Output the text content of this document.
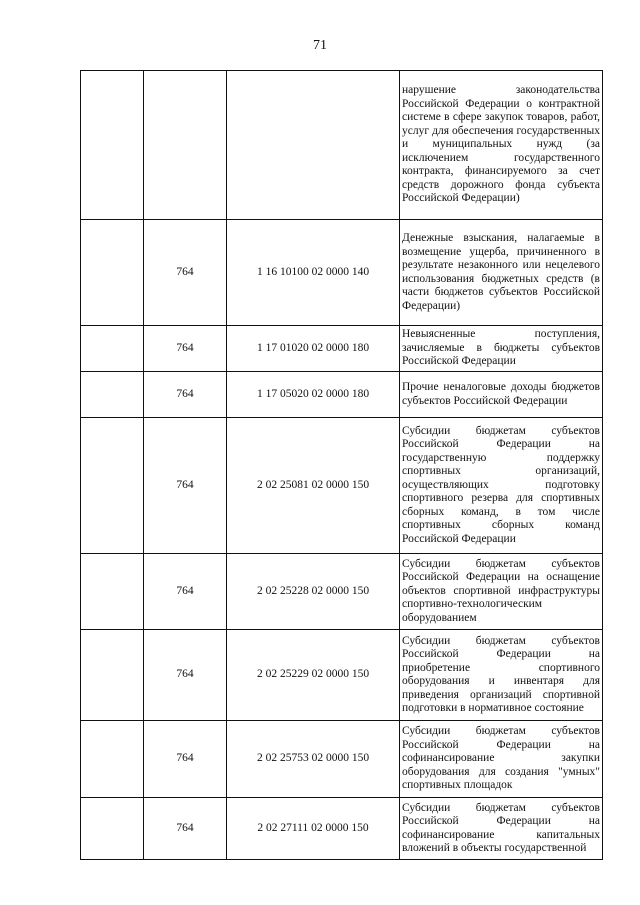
71
			нарушение законодательства Российской Федерации о контрактной системе в сфере закупок товаров, работ, услуг для обеспечения государственных и муниципальных нужд (за исключением государственного контракта, финансируемого за счет средств дорожного фонда субъекта Российской Федерации)
	764	1 16 10100 02 0000 140	Денежные взыскания, налагаемые в возмещение ущерба, причиненного в результате незаконного или нецелевого использования бюджетных средств (в части бюджетов субъектов Российской Федерации)
	764	1 17 01020 02 0000 180	Невыясненные поступления, зачисляемые в бюджеты субъектов Российской Федерации
	764	1 17 05020 02 0000 180	Прочие неналоговые доходы бюджетов субъектов Российской Федерации
	764	2 02 25081 02 0000 150	Субсидии бюджетам субъектов Российской Федерации на государственную поддержку спортивных организаций, осуществляющих подготовку спортивного резерва для спортивных сборных команд, в том числе спортивных сборных команд Российской Федерации
	764	2 02 25228 02 0000 150	Субсидии бюджетам субъектов Российской Федерации на оснащение объектов спортивной инфраструктуры спортивно-технологическим оборудованием
	764	2 02 25229 02 0000 150	Субсидии бюджетам субъектов Российской Федерации на приобретение спортивного оборудования и инвентаря для приведения организаций спортивной подготовки в нормативное состояние
	764	2 02 25753 02 0000 150	Субсидии бюджетам субъектов Российской Федерации на софинансирование закупки оборудования для создания "умных" спортивных площадок
	764	2 02 27111 02 0000 150	Субсидии бюджетам субъектов Российской Федерации на софинансирование капитальных вложений в объекты государственной
